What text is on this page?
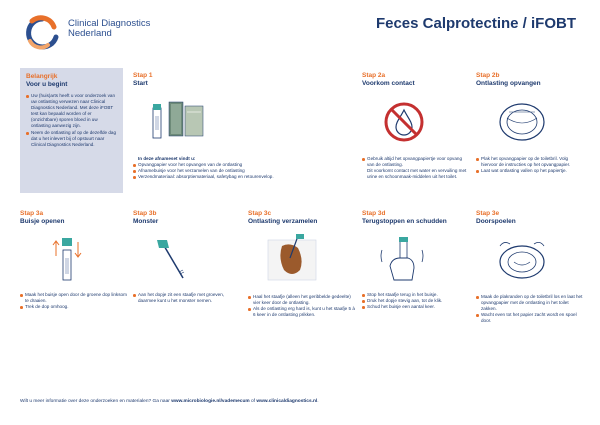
Clinical Diagnostics
Nederland
Feces Calprotectine / iFOBT
Belangrijk
Voor u begint
Uw (huis)arts heeft u voor onderzoek van uw ontlasting verwezen naar Clinical Diagnostics Nederland. Met deze iFOBT test kan bepaald worden of er (onzichtbare) sporen bloed in uw ontlasting aanwezig zijn.
Neem de ontlasting af op de dezelfde dag dat u het inlevert bij of opstuurt naar Clinical Diagnostics Nederland.
Stap 1
Start
In deze afnameset vindt u:
Opvangpapier voor het opvangen van de ontlasting
Afnamebuisje voor het verzamelen van de ontlasting
Verzendmateriaal: absorptiemateriaal, safetybag en retourenvelop.
Stap 2a
Voorkom contact
Gebruik altijd het opvangpapiertje voor opvang van de ontlasting.
Dit voorkomt contact met water en vervuiling met urine en schoonmaak-middelen uit het toilet.
Stap 2b
Ontlasting opvangen
Plak het opvangpapier op de toiletbril. Volg hiervoor de instructies op het opvangpapier.
Laat wat ontlasting vallen op het papiertje.
Stap 3a
Buisje openen
Maak het buisje open door de groene dop linksom te draaien.
Trek de dop omhoog.
Stap 3b
Monster
Aan het dopje zit een staafje met groeven, daarmee kunt u het monster nemen.
Stap 3c
Ontlasting verzamelen
Haal het staafje (alleen het geribbelde gedeelte) vier keer door de ontlasting.
Als de ontlasting erg hard is, kunt u het staafje 5 à 6 keer in de ontlasting prikken.
Stap 3d
Terugstoppen en schudden
Stop het staafje terug in het buisje.
Druk het dopje stevig aan, tot de klik.
Schud het buisje een aantal keer.
Stap 3e
Doorspoelen
Maak de plakranden op de toiletbril los en laat het opvangpapier met de ontlasting in het toilet zakken.
Wacht even tot het papier zacht wordt en spoel door.
Wilt u meer informatie over deze onderzoeken en materialen? Ga naar www.microbiologie.nl/vademecum of www.clinicaldiagnostics.nl.
